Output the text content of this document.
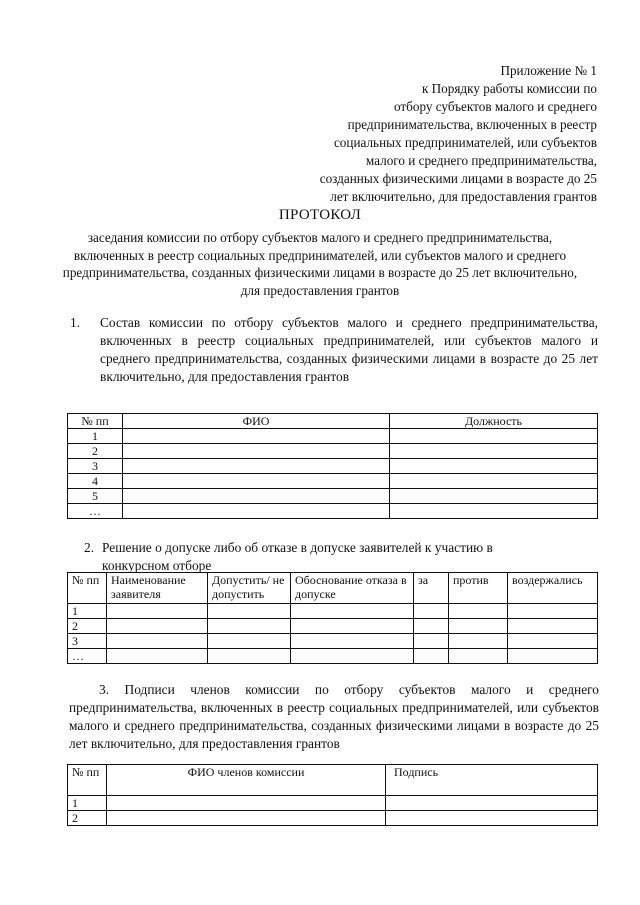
Приложение № 1
к Порядку работы комиссии по
отбору субъектов малого и среднего
предпринимательства, включенных в реестр
социальных предпринимателей, или субъектов
малого и среднего предпринимательства,
созданных физическими лицами в возрасте до 25
лет включительно, для предоставления грантов
ПРОТОКОЛ
заседания комиссии по отбору субъектов малого и среднего предпринимательства, включенных в реестр социальных предпринимателей, или субъектов малого и среднего предпринимательства, созданных физическими лицами в возрасте до 25 лет включительно, для предоставления грантов
1. Состав комиссии по отбору субъектов малого и среднего предпринимательства, включенных в реестр социальных предпринимателей, или субъектов малого и среднего предпринимательства, созданных физическими лицами в возрасте до 25 лет включительно, для предоставления грантов
№ пп	ФИО	Должность
1		
2		
3		
4		
5		
…		
2. Решение о допуске либо об отказе в допуске заявителей к участию в конкурсном отборе
№ пп	Наименование заявителя	Допустить/ не допустить	Обоснование отказа в допуске	за	против	воздержались
1						
2						
3						
…						
3. Подписи членов комиссии по отбору субъектов малого и среднего предпринимательства, включенных в реестр социальных предпринимателей, или субъектов малого и среднего предпринимательства, созданных физическими лицами в возрасте до 25 лет включительно, для предоставления грантов
№ пп	ФИО членов комиссии	Подпись
1		
2		
